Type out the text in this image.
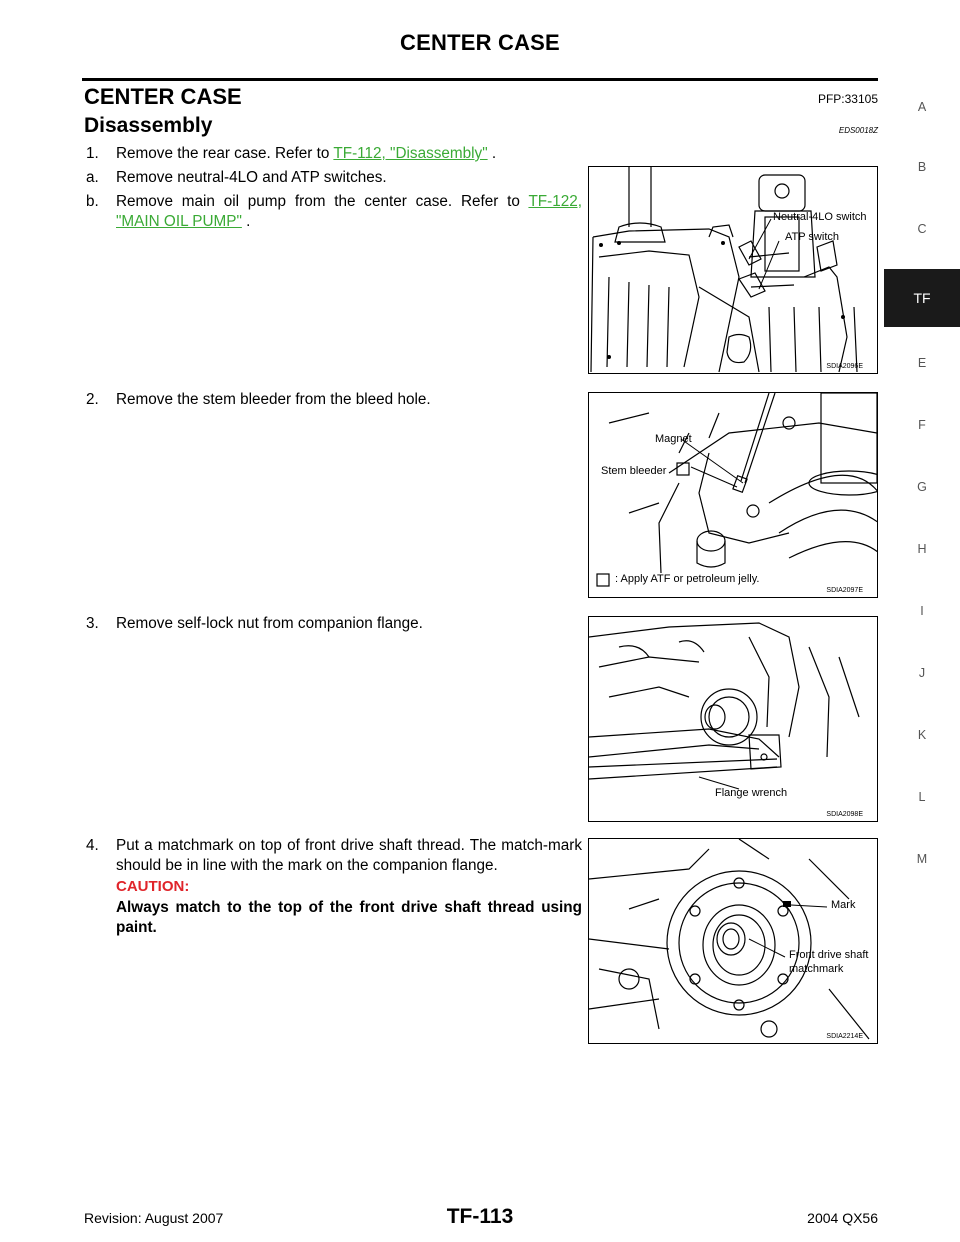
CENTER CASE
CENTER CASE	PFP:33105
Disassembly	EDS0018Z
1. Remove the rear case. Refer to TF-112, "Disassembly" .
a. Remove neutral-4LO and ATP switches.
b. Remove main oil pump from the center case. Refer to TF-122, "MAIN OIL PUMP" .
2. Remove the stem bleeder from the bleed hole.
3. Remove self-lock nut from companion flange.
4. Put a matchmark on top of front drive shaft thread. The match-mark should be in line with the mark on the companion flange.
CAUTION:
Always match to the top of the front drive shaft thread using paint.
Neutral-4LO switch
ATP switch
SDIA2096E
Magnet
Stem bleeder
: Apply ATF or petroleum jelly.
SDIA2097E
Flange wrench
SDIA2098E
Mark
Front drive shaft
matchmark
SDIA2214E
A
B
C
TF
E
F
G
H
I
J
K
L
M
Revision: August 2007	TF-113	2004 QX56
